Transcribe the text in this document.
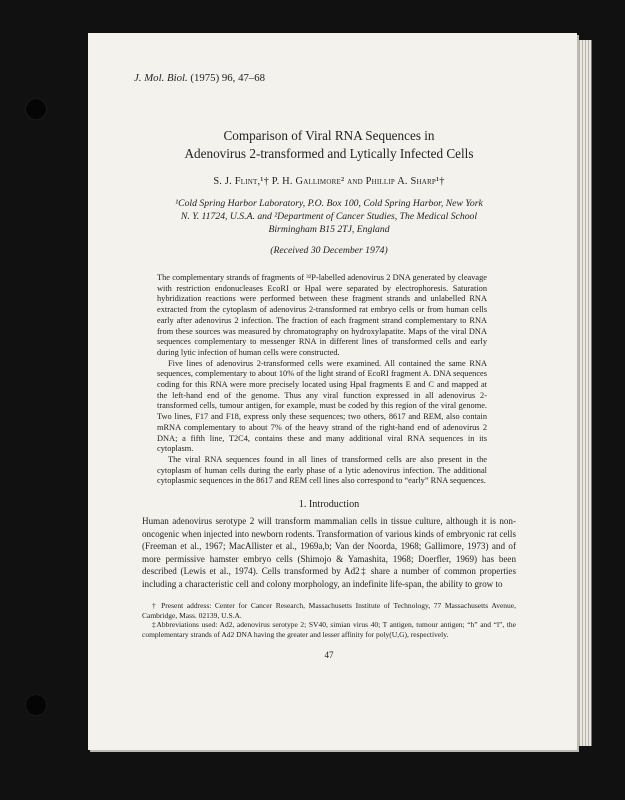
J. Mol. Biol. (1975) 96, 47–68
Comparison of Viral RNA Sequences in
Adenovirus 2-transformed and Lytically Infected Cells
S. J. Flint,¹† P. H. Gallimore² and Phillip A. Sharp¹†
¹Cold Spring Harbor Laboratory, P.O. Box 100, Cold Spring Harbor, New York
N. Y. 11724, U.S.A. and ²Department of Cancer Studies, The Medical School
Birmingham B15 2TJ, England
(Received 30 December 1974)

The complementary strands of fragments of ³²P-labelled adenovirus 2 DNA generated by cleavage with restriction endonucleases EcoRI or HpaI were separated by electrophoresis. Saturation hybridization reactions were performed between these fragment strands and unlabelled RNA extracted from the cytoplasm of adenovirus 2-transformed rat embryo cells or from human cells early after adenovirus 2 infection. The fraction of each fragment strand complementary to RNA from these sources was measured by chromatography on hydroxylapatite. Maps of the viral DNA sequences complementary to messenger RNA in different lines of transformed cells and early during lytic infection of human cells were constructed.

Five lines of adenovirus 2-transformed cells were examined. All contained the same RNA sequences, complementary to about 10% of the light strand of EcoRI fragment A. DNA sequences coding for this RNA were more precisely located using HpaI fragments E and C and mapped at the left-hand end of the genome. Thus any viral function expressed in all adenovirus 2-transformed cells, tumour antigen, for example, must be coded by this region of the viral genome. Two lines, F17 and F18, express only these sequences; two others, 8617 and REM, also contain mRNA complementary to about 7% of the heavy strand of the right-hand end of adenovirus 2 DNA; a fifth line, T2C4, contains these and many additional viral RNA sequences in its cytoplasm.

The viral RNA sequences found in all lines of transformed cells are also present in the cytoplasm of human cells during the early phase of a lytic adenovirus infection. The additional cytoplasmic sequences in the 8617 and REM cell lines also correspond to “early” RNA sequences.

1. Introduction

Human adenovirus serotype 2 will transform mammalian cells in tissue culture, although it is non-oncogenic when injected into newborn rodents. Transformation of various kinds of embryonic rat cells (Freeman et al., 1967; MacAllister et al., 1969a,b; Van der Noorda, 1968; Gallimore, 1973) and of more permissive hamster embryo cells (Shimojo & Yamashita, 1968; Doerfler, 1969) has been described (Lewis et al., 1974). Cells transformed by Ad2‡ share a number of common properties including a characteristic cell and colony morphology, an indefinite life-span, the ability to grow to

† Present address: Center for Cancer Research, Massachusetts Institute of Technology, 77 Massachusetts Avenue, Cambridge, Mass. 02139, U.S.A.

‡Abbreviations used: Ad2, adenovirus serotype 2; SV40, simian virus 40; T antigen, tumour antigen; “h” and “l”, the complementary strands of Ad2 DNA having the greater and lesser affinity for poly(U,G), respectively.

47
